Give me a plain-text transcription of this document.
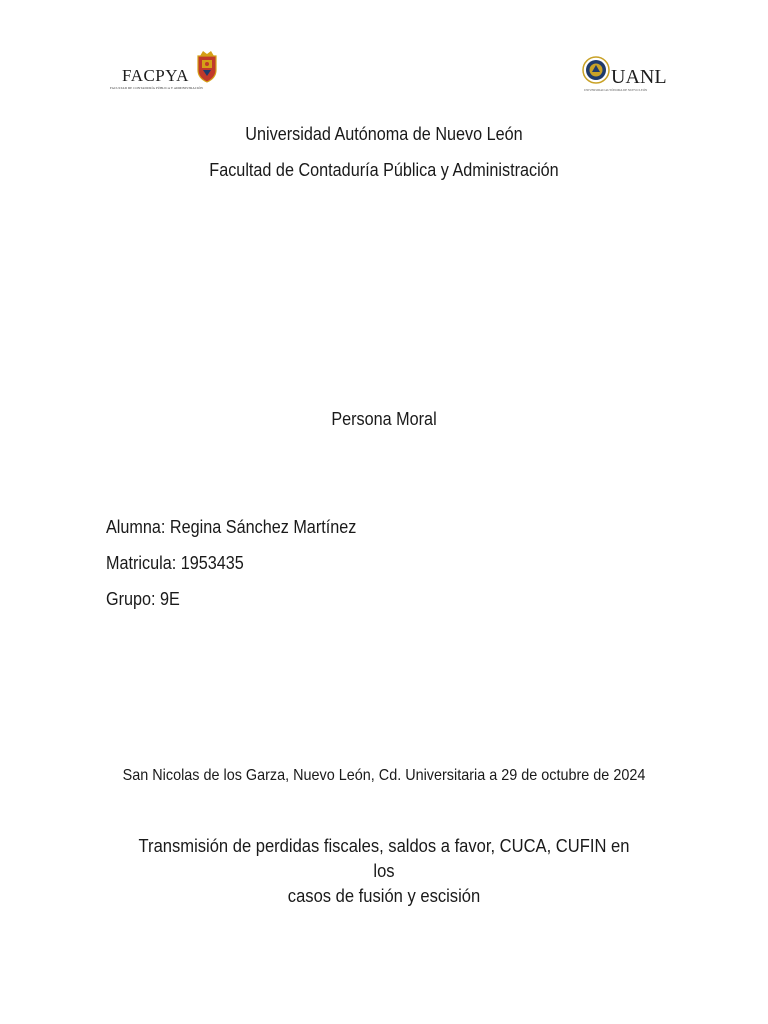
FACPYA
FACULTAD DE CONTADURÍA PÚBLICA Y ADMINISTRACIÓN	UANL
UNIVERSIDAD AUTÓNOMA DE NUEVO LEÓN
Universidad Autónoma de Nuevo León
Facultad de Contaduría Pública y Administración
Persona Moral
Alumna: Regina Sánchez Martínez
Matricula: 1953435
Grupo: 9E
San Nicolas de los Garza, Nuevo León, Cd. Universitaria a 29 de octubre de 2024
Transmisión de perdidas fiscales, saldos a favor, CUCA, CUFIN en los
casos de fusión y escisión
